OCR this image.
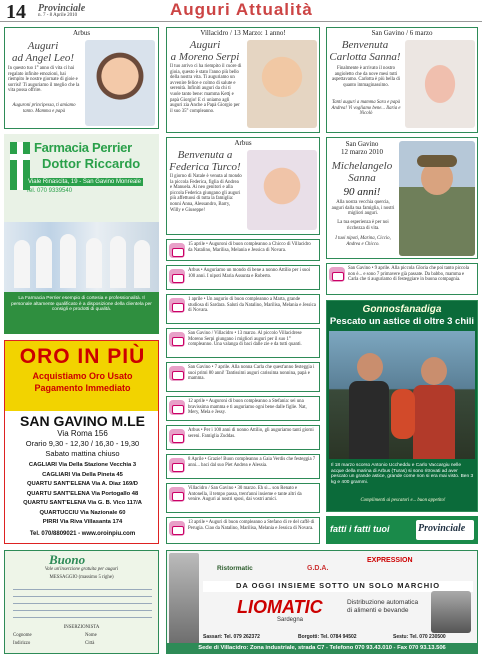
14 Provinciale
n. 7 - 8 Aprile 2010	Auguri Attualità
Arbus
Auguri
ad Angel Leo!
In questo tuo 1° anno di vita ci hai regalato infinite emozioni, hai riempito le nostre giornate di gioie e sorrisi! Ti auguriamo il meglio che la vita possa offrire.
Auguroni principessa, ti amiamo tanto. Mamma e papà
Farmacia Perrier
Dottor Riccardo
Viale Rinascita, 19 - San Gavino Monreale
Tel. 070 9339540
La Farmacia Perrier esempio di cortesia e professionalità. Il personale altamente qualificato è a disposizione della clientela per consigli e prodotti di qualità.
ORO IN PIÙ
Acquistiamo Oro Usato
Pagamento Immediato
SAN GAVINO M.LE
Via Roma 156
Orario 9,30 - 12,30 / 16,30 - 19,30
Sabato mattina chiuso
CAGLIARI Via Della Stazione Vecchia 3
CAGLIARI Via Della Pineta 45
QUARTU SANT'ELENA Via A. Diaz 169/D
QUARTU SANT'ELENA Via Portogallo 48
QUARTU SANT'ELENA Via G. B. Vico 117/A
QUARTUCCIU Via Nazionale 60
PIRRI Via Riva Villasanta 174
Tel. 070/8809021 - www.oroinpiu.com
Buono
Vale un'inserzione gratuita per auguri
MESSAGGIO (massimo 5 righe)
INSERZIONISTA
Cognome	Nome
Indirizzo	Città
Villacidro / 13 Marzo: 1 anno!
Auguri
a Moreno Serpi
Il tuo arrivo ci ha riempito il cuore di gioia, questo è stato l'anno più bello della nostra vita. Ti auguriamo un avvenire felice e colmo di salute e serenità. Infiniti auguri da chi ti vuole tanto bene: mamma Kettj e papà Giorgio! E ci uniamo agli auguri zia Anche a Papà Giorgio per il suo 35° compleanno.
Arbus
Benvenuta a
Federica Turco!
Il giorno di Natale è venuta al mondo la piccola Federica, figlia di Andrea e Manuela. Ai neo genitori e alla piccola Federica giungano gli auguri più affettuosi di tutta la famiglia: nonni Anna, Alessandro, Barry, Willy e Giuseppe!
15 aprile • Auguroni di buon compleanno a Chicco di Villacidro da Natalino, Marilisa, Melania e Jessica di Novara.
Arbus • Auguriamo un mondo di bene a nonno Attilio per i suoi 100 anni. I nipoti Maria Assunta e Roberto.
1 aprile • Un augurio di buon compleanno a Marta, grande studiosa di Sardara. Saluti da Natalino, Marilisa, Melania e Jessica di Novara.
San Gavino / Villacidro • 13 marzo. Al piccolo Villacidrese Moreno Serpi giungano i migliori auguri per il suo 1° compleanno. Una valanga di baci dalle zie e da tutti quanti.
San Gavino • 7 aprile. Alla nonna Carla che quest'anno festeggia i suoi primi 80 anni! Tantissimi auguri carissima nonnina, papà e mamma.
12 aprile • Auguroni di buon compleanno a Stefania: sei una bravissima mamma e ti auguriamo ogni bene dalle figlie. Nat, Mery, Mela e Jessy.
Arbus • Per i 100 anni di nonno Attilio, gli auguriamo tanti giorni sereni. Famiglia Zuddas.
8 Aprile • Grazie! Buon compleanno a Gaia Verdis che festeggia 7 anni... baci dal suo Piet Andrea e Alessia.
Villacidro / San Gavino • 30 marzo. Eh sì... son Renato e Antonella, il tempo passa, trent'anni insieme e tante altri da venire. Auguri ai nostri sposi, dai vostri amici.
13 aprile • Auguri di buon compleanno a Stefano di re del caffè di Perugia. Ciao da Natalino, Marilisa, Melania e Jessica di Novara.
San Gavino / 6 marzo
Benvenuta
Carlotta Sanna!
Finalmente è arrivato il nostro angioletto che da nove mesi tutti aspettavamo. Carlotta è più bella di quanto immaginassimo.
Tanti auguri a mamma Sara e papà Andrea! Vi vogliamo bene... Ilaria e Nicolò
San Gavino
12 marzo 2010
Michelangelo
Sanna
90 anni!
Alla nostra vecchia quercia, auguri dalla tua famiglia, i nostri migliori auguri.
La tua esperienza è per noi ricchezza di vita.
I tuoi nipoti, Marina, Ciccio, Andrea e Chicco.
San Gavino • 9 aprile. Alla piccola Gloria che poi tanto piccola non è... e sono 7 primavere già passate. Da babbo, mamma e Carla che ti auguriamo di festeggiare in buona compagnia.
Gonnosfanadiga
Pescato un astice di oltre 3 chili
Il 18 marzo scorso Antonio Uccheddu e Carlo Vaccargiu nelle acque della marina di Arbus (Turas) si sono ritrovati ad aver pescato un grande astice, grande come non si era mai visto. Ben 3 kg e 400 grammi.
Complimenti ai pescatori e... buon appetito!
fatti i fatti tuoi	Provinciale
Ristormatic	G.D.A.
EXPRESSION
DA OGGI INSIEME SOTTO UN SOLO MARCHIO
LIOMATIC
Sardegna
Distribuzione automatica di alimenti e bevande
Sassari: Tel. 079 262372	Borgotti: Tel. 0784 94502	Sestu: Tel. 070 230500
Sede di Villacidro: Zona industriale, strada C7 - Telefono 070 93.43.010 - Fax 070 93.13.506
